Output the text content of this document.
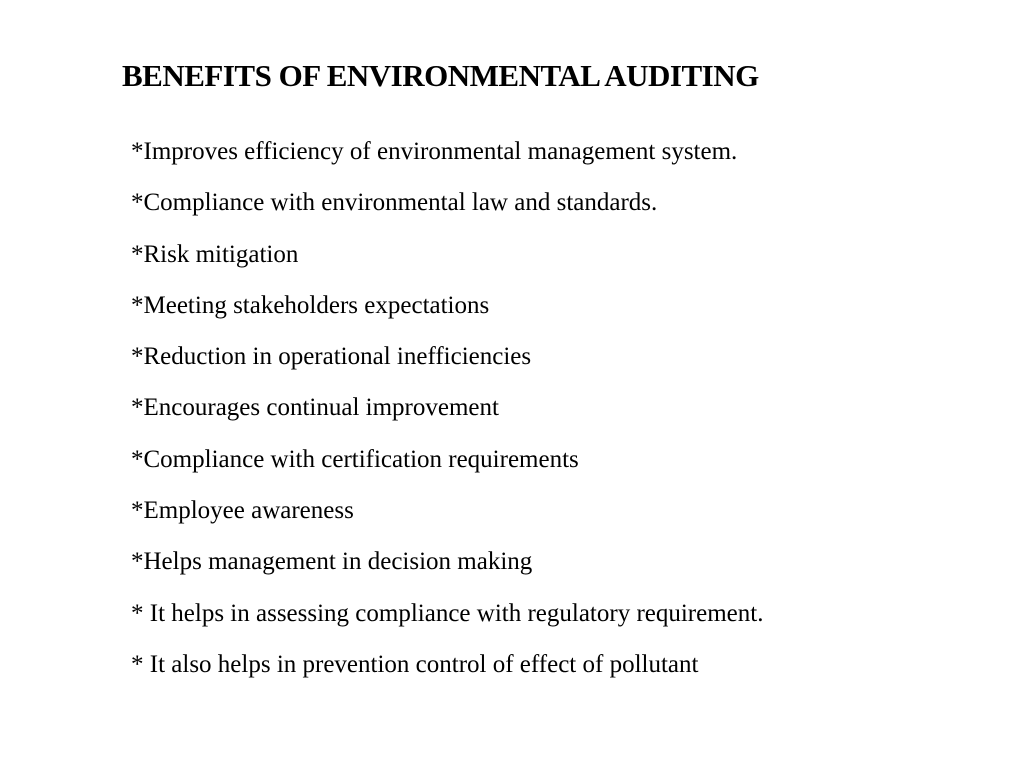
BENEFITS OF ENVIRONMENTAL AUDITING
*Improves efficiency of environmental management system.
*Compliance with environmental law and standards.
*Risk mitigation
*Meeting stakeholders expectations
*Reduction in operational inefficiencies
*Encourages continual improvement
*Compliance with certification requirements
*Employee awareness
*Helps management in decision making
* It helps in assessing compliance with regulatory requirement.
* It also helps in prevention control of effect of pollutant
